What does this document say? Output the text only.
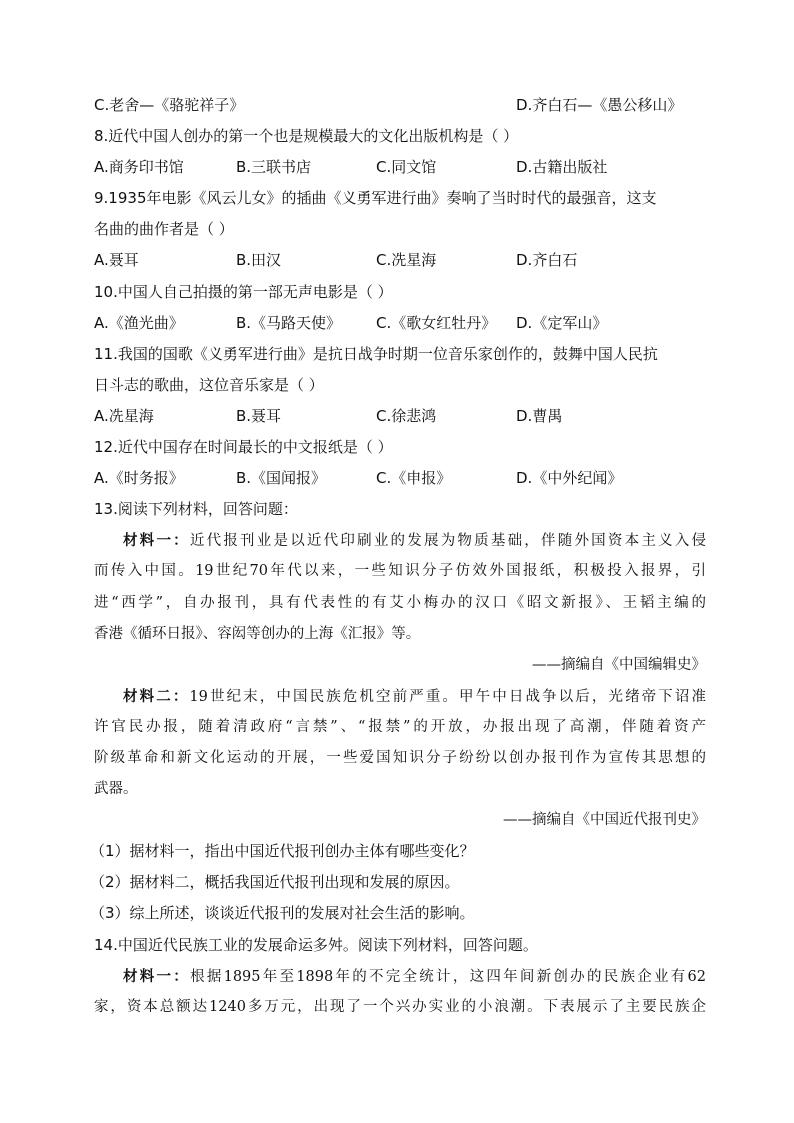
C.老舍—《骆驼祥子》	D.齐白石—《愚公移山》
8.近代中国人创办的第一个也是规模最大的文化出版机构是（ ）
A.商务印书馆	B.三联书店	C.同文馆	D.古籍出版社
9.1935年电影《风云儿女》的插曲《义勇军进行曲》奏响了当时时代的最强音，这支
名曲的曲作者是（ ）
A.聂耳	B.田汉	C.冼星海	D.齐白石
10.中国人自己拍摄的第一部无声电影是（ ）
A.《渔光曲》	B.《马路天使》 C.《歌女红牡丹》 D.《定军山》
11.我国的国歌《义勇军进行曲》是抗日战争时期一位音乐家创作的，鼓舞中国人民抗
日斗志的歌曲，这位音乐家是（ ）
A.冼星海	B.聂耳	C.徐悲鸿	D.曹禺
12.近代中国存在时间最长的中文报纸是（ ）
A.《时务报》	B.《国闻报》	C.《申报》	D.《中外纪闻》
13.阅读下列材料，回答问题：
材料一：近代报刊业是以近代印刷业的发展为物质基础，伴随外国资本主义入侵
而传入中国。19世纪70年代以来，一些知识分子仿效外国报纸，积极投入报界，引
进“西学”，自办报刊，具有代表性的有艾小梅办的汉口《昭文新报》、王韬主编的
香港《循环日报》、容闳等创办的上海《汇报》等。
——摘编自《中国编辑史》
材料二：19世纪末，中国民族危机空前严重。甲午中日战争以后，光绪帝下诏准
许官民办报，随着清政府“言禁”、“报禁”的开放，办报出现了高潮，伴随着资产
阶级革命和新文化运动的开展，一些爱国知识分子纷纷以创办报刊作为宣传其思想的
武器。
——摘编自《中国近代报刊史》
（1）据材料一，指出中国近代报刊创办主体有哪些变化？
（2）据材料二，概括我国近代报刊出现和发展的原因。
（3）综上所述，谈谈近代报刊的发展对社会生活的影响。
14.中国近代民族工业的发展命运多舛。阅读下列材料，回答问题。
材料一：根据1895年至1898年的不完全统计，这四年间新创办的民族企业有62
家，资本总额达1240多万元，出现了一个兴办实业的小浪潮。下表展示了主要民族企
